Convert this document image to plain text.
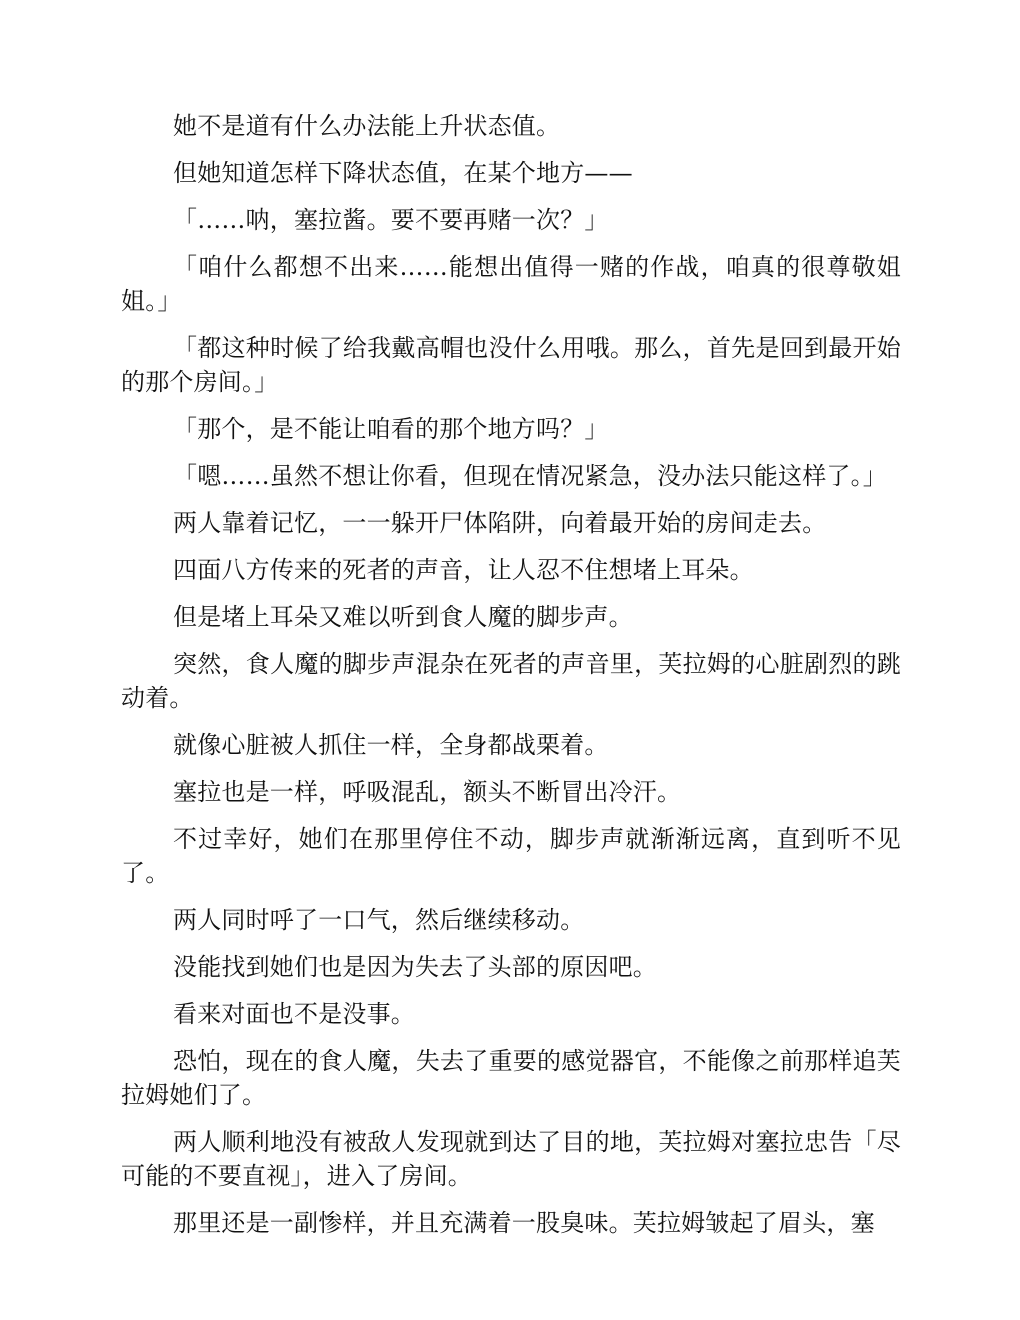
她不是道有什么办法能上升状态值。

但她知道怎样下降状态值，在某个地方——

「……呐，塞拉酱。要不要再赌一次？」

「咱什么都想不出来……能想出值得一赌的作战，咱真的很尊敬姐姐。」

「都这种时候了给我戴高帽也没什么用哦。那么，首先是回到最开始的那个房间。」

「那个，是不能让咱看的那个地方吗？」

「嗯……虽然不想让你看，但现在情况紧急，没办法只能这样了。」

两人靠着记忆，一一躲开尸体陷阱，向着最开始的房间走去。

四面八方传来的死者的声音，让人忍不住想堵上耳朵。

但是堵上耳朵又难以听到食人魔的脚步声。

突然，食人魔的脚步声混杂在死者的声音里，芙拉姆的心脏剧烈的跳动着。

就像心脏被人抓住一样，全身都战栗着。

塞拉也是一样，呼吸混乱，额头不断冒出冷汗。

不过幸好，她们在那里停住不动，脚步声就渐渐远离，直到听不见了。

两人同时呼了一口气，然后继续移动。

没能找到她们也是因为失去了头部的原因吧。

看来对面也不是没事。

恐怕，现在的食人魔，失去了重要的感觉器官，不能像之前那样追芙拉姆她们了。

两人顺利地没有被敌人发现就到达了目的地，芙拉姆对塞拉忠告「尽可能的不要直视」，进入了房间。

那里还是一副惨样，并且充满着一股臭味。芙拉姆皱起了眉头，塞
